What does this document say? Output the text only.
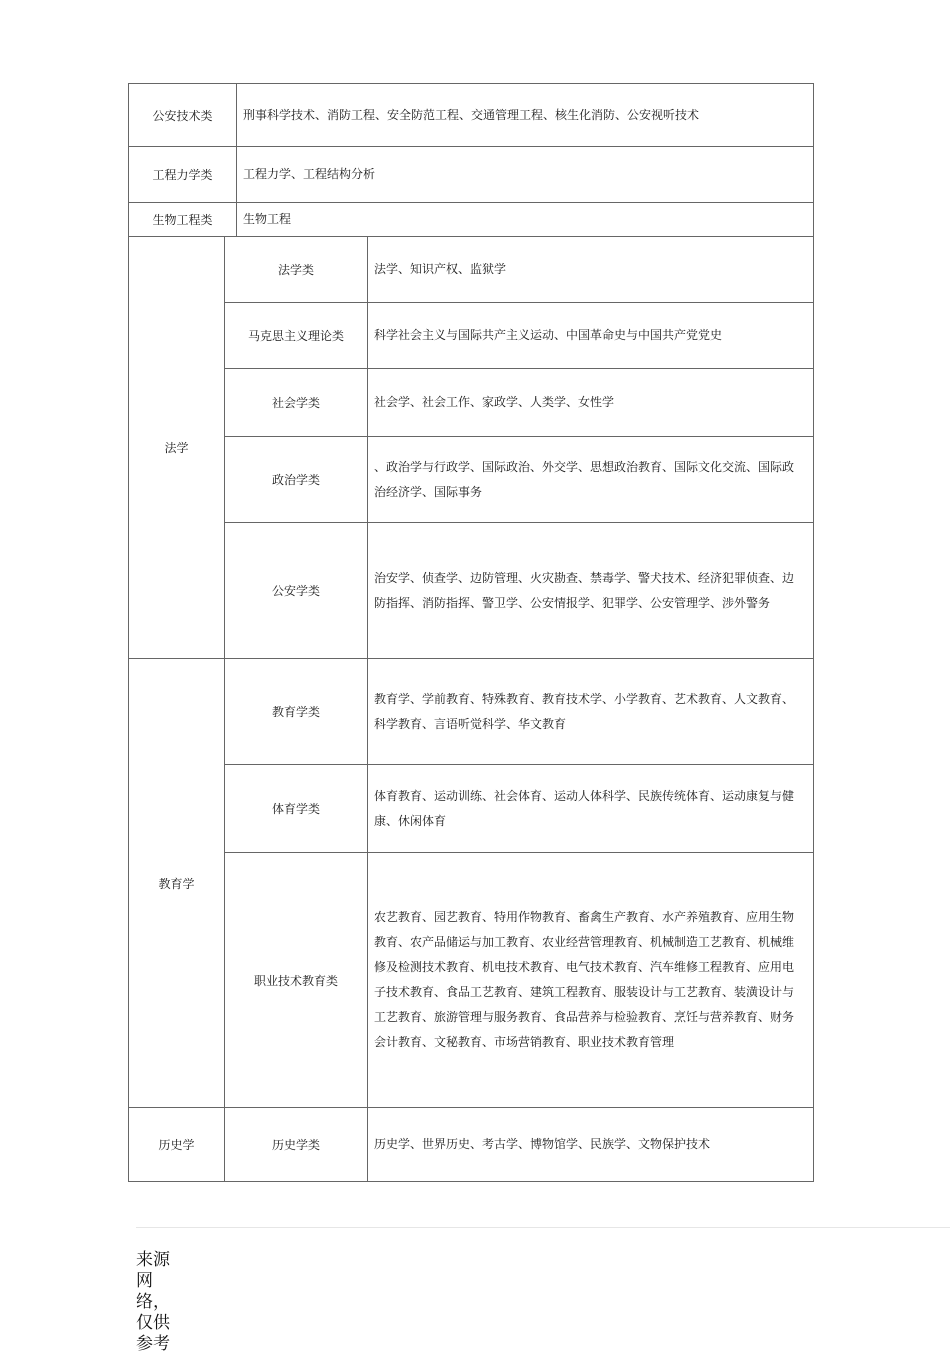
公安技术类		刑事科学技术、消防工程、安全防范工程、交通管理工程、核生化消防、公安视听技术	
工程力学类		工程力学、工程结构分析	
生物工程类		生物工程	
法学	法学类		法学、知识产权、监狱学
	马克思主义理论类		科学社会主义与国际共产主义运动、中国革命史与中国共产党党史
	社会学类		社会学、社会工作、家政学、人类学、女性学
	政治学类		、政治学与行政学、国际政治、外交学、思想政治教育、国际文化交流、国际政治经济学、国际事务
	公安学类		治安学、侦查学、边防管理、火灾勘查、禁毒学、警犬技术、经济犯罪侦查、边防指挥、消防指挥、警卫学、公安情报学、犯罪学、公安管理学、涉外警务
教育学	教育学类		教育学、学前教育、特殊教育、教育技术学、小学教育、艺术教育、人文教育、科学教育、言语听觉科学、华文教育
	体育学类		体育教育、运动训练、社会体育、运动人体科学、民族传统体育、运动康复与健康、休闲体育
	职业技术教育类		农艺教育、园艺教育、特用作物教育、畜禽生产教育、水产养殖教育、应用生物教育、农产品储运与加工教育、农业经营管理教育、机械制造工艺教育、机械维修及检测技术教育、机电技术教育、电气技术教育、汽车维修工程教育、应用电子技术教育、食品工艺教育、建筑工程教育、服装设计与工艺教育、装潢设计与工艺教育、旅游管理与服务教育、食品营养与检验教育、烹饪与营养教育、财务会计教育、文秘教育、市场营销教育、职业技术教育管理
历史学	历史学类		历史学、世界历史、考古学、博物馆学、民族学、文物保护技术
来源网络，仅供参考
